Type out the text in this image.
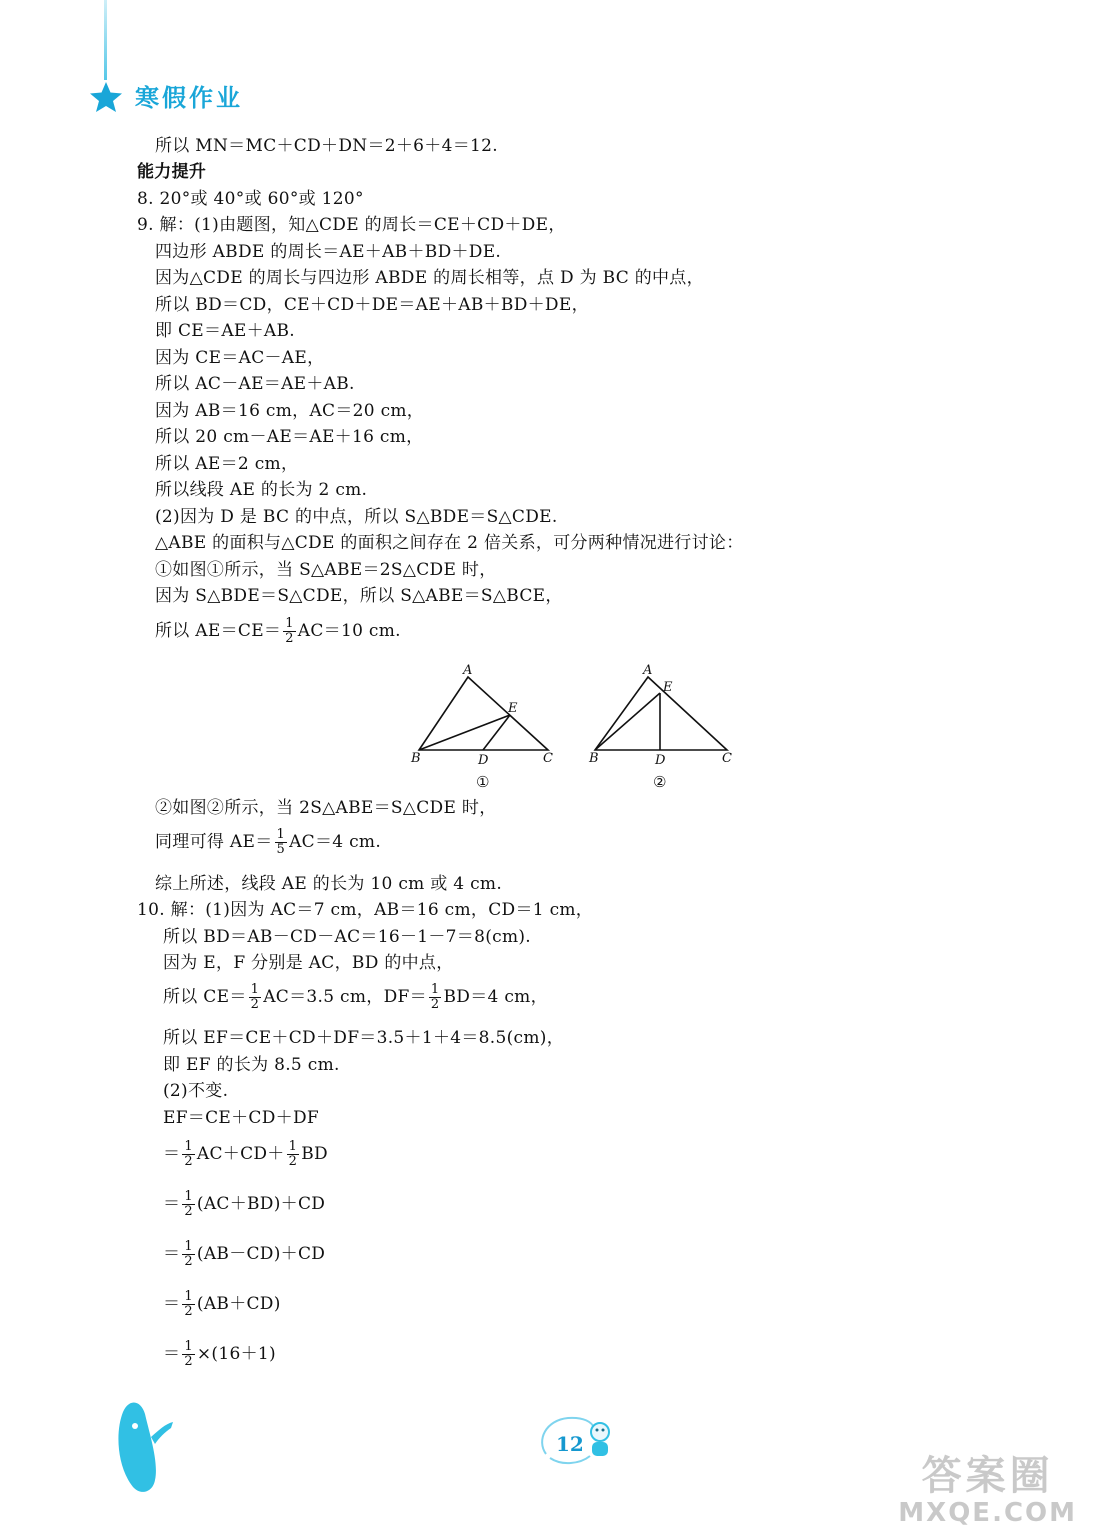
寒假作业
所以 MN＝MC＋CD＋DN＝2＋6＋4＝12.
能力提升
8. 20°或 40°或 60°或 120°
9. 解：(1)由题图，知△CDE 的周长＝CE＋CD＋DE，
四边形 ABDE 的周长＝AE＋AB＋BD＋DE.
因为△CDE 的周长与四边形 ABDE 的周长相等，点 D 为 BC 的中点，
所以 BD＝CD，CE＋CD＋DE＝AE＋AB＋BD＋DE，
即 CE＝AE＋AB.
因为 CE＝AC－AE，
所以 AC－AE＝AE＋AB.
因为 AB＝16 cm，AC＝20 cm，
所以 20 cm－AE＝AE＋16 cm，
所以 AE＝2 cm，
所以线段 AE 的长为 2 cm.
(2)因为 D 是 BC 的中点，所以 S△BDE＝S△CDE.
△ABE 的面积与△CDE 的面积之间存在 2 倍关系，可分两种情况进行讨论：
①如图①所示，当 S△ABE＝2S△CDE 时，
因为 S△BDE＝S△CDE，所以 S△ABE＝S△BCE，
所以 $AE=CE= \frac{1}{2} AC=10$ cm.
A
B	C
D
E
①
A
B	C
D
E
②
②如图②所示，当 2S△ABE＝S△CDE 时，
同理可得 $AE= \frac{1}{5} AC=4$ cm.
综上所述，线段 AE 的长为 10 cm 或 4 cm.
10. 解：(1)因为 AC＝7 cm，AB＝16 cm，CD＝1 cm，
所以 BD＝AB－CD－AC＝16－1－7＝8(cm).
因为 E，F 分别是 AC，BD 的中点，
所以 $CE= \frac{1}{2} AC=3.5$ cm，$DF= \frac{1}{2} BD=4$ cm，
所以 EF＝CE＋CD＋DF＝3.5＋1＋4＝8.5(cm)，
即 EF 的长为 8.5 cm.
(2)不变.
EF＝CE＋CD＋DF
＝ $\frac{1}{2} AC+CD+ \frac{1}{2}$ BD
＝ $\frac{1}{2} (AC+BD)+CD$
＝ $\frac{1}{2} (AB-CD)+CD$
＝ $\frac{1}{2} (AB+CD)$
＝ $\frac{1}{2} \times(16+1)$
12
答案圈
MXQE.COM
